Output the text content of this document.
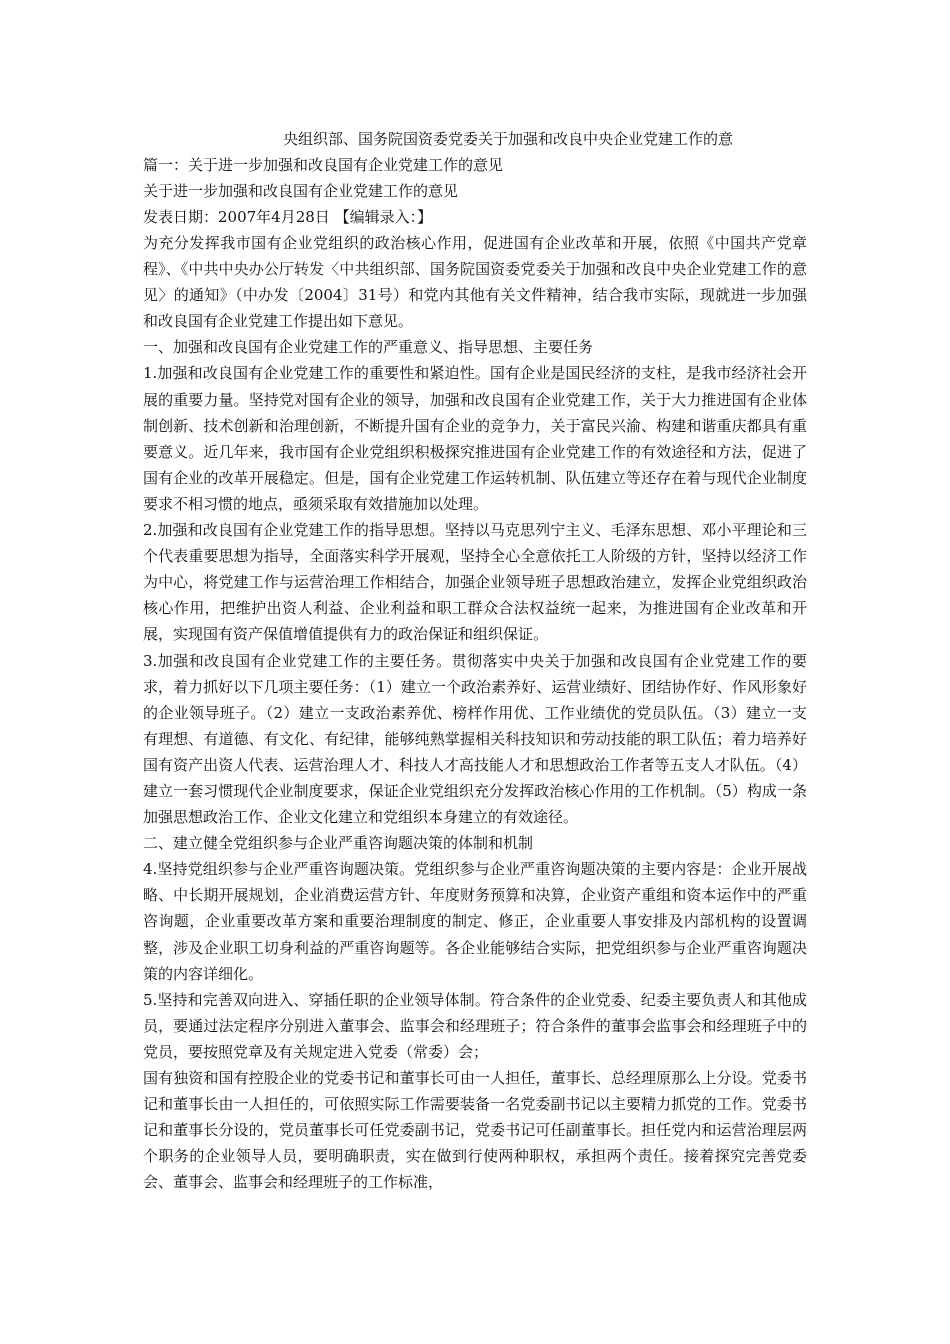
央组织部、国务院国资委党委关于加强和改良中央企业党建工作的意
篇一：关于进一步加强和改良国有企业党建工作的意见
关于进一步加强和改良国有企业党建工作的意见
发表日期：2007年4月28日 【编辑录入：】
为充分发挥我市国有企业党组织的政治核心作用，促进国有企业改革和开展，依照《中国共产党章程》、《中共中央办公厅转发〈中共组织部、国务院国资委党委关于加强和改良中央企业党建工作的意见〉的通知》（中办发〔2004〕31号）和党内其他有关文件精神，结合我市实际，现就进一步加强和改良国有企业党建工作提出如下意见。
一、加强和改良国有企业党建工作的严重意义、指导思想、主要任务
1.加强和改良国有企业党建工作的重要性和紧迫性。国有企业是国民经济的支柱，是我市经济社会开展的重要力量。坚持党对国有企业的领导，加强和改良国有企业党建工作，关于大力推进国有企业体制创新、技术创新和治理创新，不断提升国有企业的竞争力，关于富民兴渝、构建和谐重庆都具有重要意义。近几年来，我市国有企业党组织积极探究推进国有企业党建工作的有效途径和方法，促进了国有企业的改革开展稳定。但是，国有企业党建工作运转机制、队伍建立等还存在着与现代企业制度要求不相习惯的地点，亟须采取有效措施加以处理。
2.加强和改良国有企业党建工作的指导思想。坚持以马克思列宁主义、毛泽东思想、邓小平理论和三个代表重要思想为指导，全面落实科学开展观，坚持全心全意依托工人阶级的方针，坚持以经济工作为中心，将党建工作与运营治理工作相结合，加强企业领导班子思想政治建立，发挥企业党组织政治核心作用，把维护出资人利益、企业利益和职工群众合法权益统一起来，为推进国有企业改革和开展，实现国有资产保值增值提供有力的政治保证和组织保证。
3.加强和改良国有企业党建工作的主要任务。贯彻落实中央关于加强和改良国有企业党建工作的要求，着力抓好以下几项主要任务：（1）建立一个政治素养好、运营业绩好、团结协作好、作风形象好的企业领导班子。（2）建立一支政治素养优、榜样作用优、工作业绩优的党员队伍。（3）建立一支有理想、有道德、有文化、有纪律，能够纯熟掌握相关科技知识和劳动技能的职工队伍；着力培养好国有资产出资人代表、运营治理人才、科技人才高技能人才和思想政治工作者等五支人才队伍。（4）建立一套习惯现代企业制度要求，保证企业党组织充分发挥政治核心作用的工作机制。（5）构成一条加强思想政治工作、企业文化建立和党组织本身建立的有效途径。
二、建立健全党组织参与企业严重咨询题决策的体制和机制
4.坚持党组织参与企业严重咨询题决策。党组织参与企业严重咨询题决策的主要内容是：企业开展战略、中长期开展规划，企业消费运营方针、年度财务预算和决算，企业资产重组和资本运作中的严重咨询题，企业重要改革方案和重要治理制度的制定、修正，企业重要人事安排及内部机构的设置调整，涉及企业职工切身利益的严重咨询题等。各企业能够结合实际，把党组织参与企业严重咨询题决策的内容详细化。
5.坚持和完善双向进入、穿插任职的企业领导体制。符合条件的企业党委、纪委主要负责人和其他成员，要通过法定程序分别进入董事会、监事会和经理班子；符合条件的董事会监事会和经理班子中的党员，要按照党章及有关规定进入党委（常委）会；
国有独资和国有控股企业的党委书记和董事长可由一人担任，董事长、总经理原那么上分设。党委书记和董事长由一人担任的，可依照实际工作需要装备一名党委副书记以主要精力抓党的工作。党委书记和董事长分设的，党员董事长可任党委副书记，党委书记可任副董事长。担任党内和运营治理层两个职务的企业领导人员，要明确职责，实在做到行使两种职权，承担两个责任。接着探究完善党委会、董事会、监事会和经理班子的工作标准，
